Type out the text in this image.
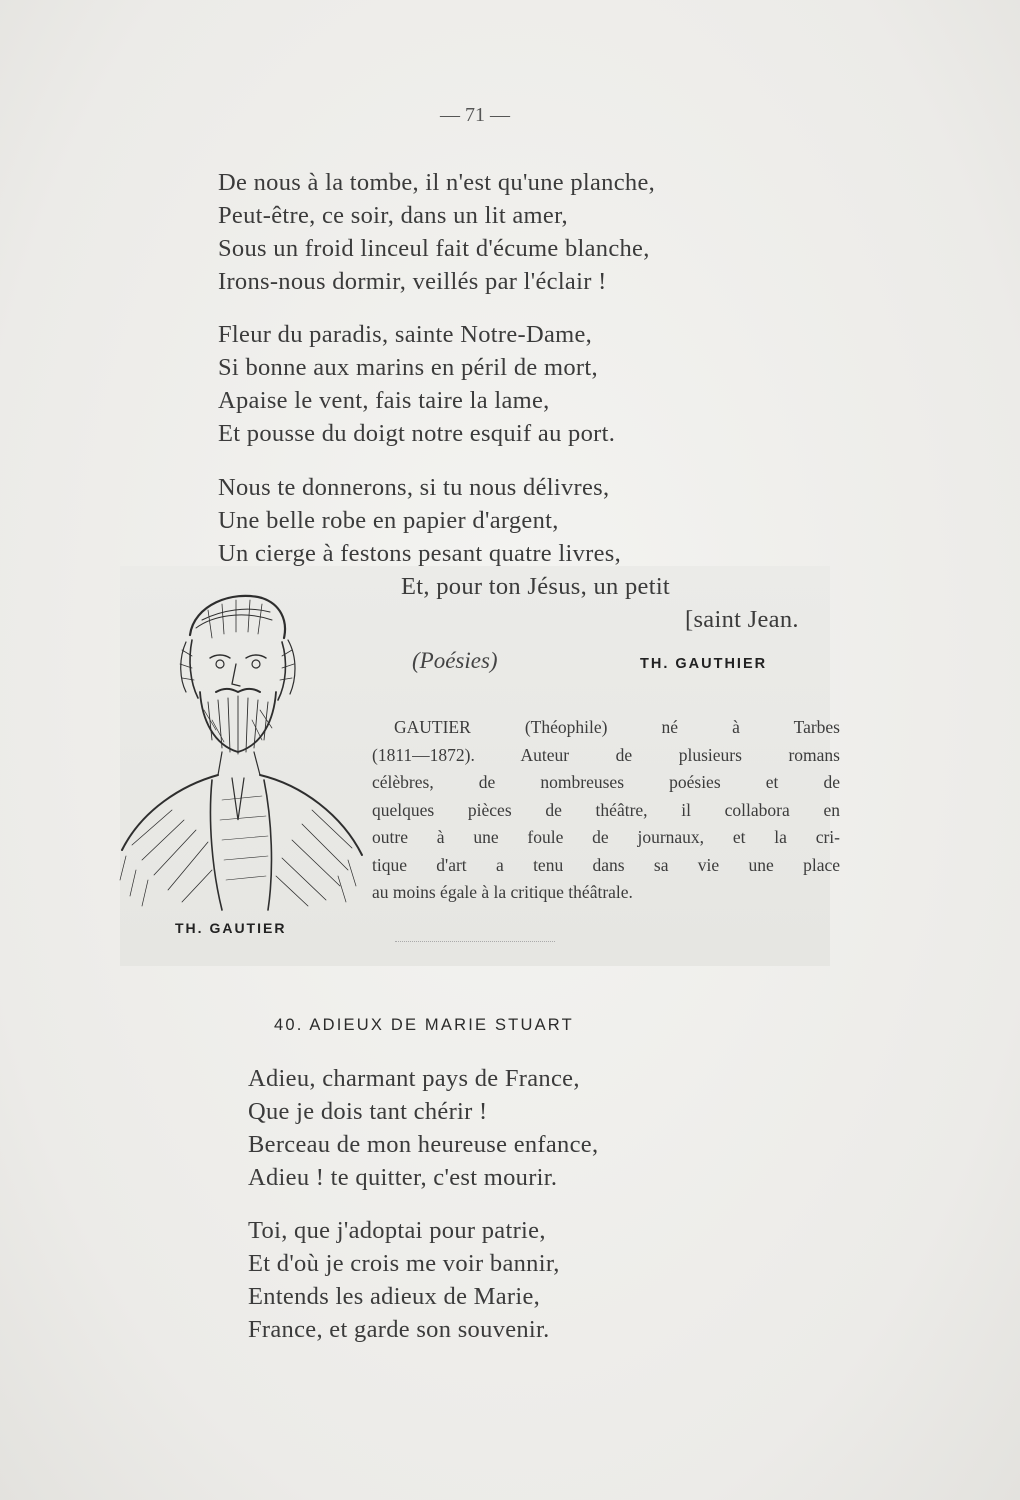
— 71 —
De nous à la tombe, il n'est qu'une planche,
Peut-être, ce soir, dans un lit amer,
Sous un froid linceul fait d'écume blanche,
Irons-nous dormir, veillés par l'éclair !
Fleur du paradis, sainte Notre-Dame,
Si bonne aux marins en péril de mort,
Apaise le vent, fais taire la lame,
Et pousse du doigt notre esquif au port.
Nous te donnerons, si tu nous délivres,
Une belle robe en papier d'argent,
Un cierge à festons pesant quatre livres,
Et, pour ton Jésus, un petit
[saint Jean.
TH. GAUTIER
(Poésies)	TH. GAUTHIER
GAUTIER (Théophile) né à Tarbes
(1811—1872). Auteur de plusieurs romans
célèbres, de nombreuses poésies et de
quelques pièces de théâtre, il collabora en
outre à une foule de journaux, et la cri-
tique d'art a tenu dans sa vie une place
au moins égale à la critique théâtrale.
40. ADIEUX DE MARIE STUART
Adieu, charmant pays de France,
Que je dois tant chérir !
Berceau de mon heureuse enfance,
Adieu ! te quitter, c'est mourir.
Toi, que j'adoptai pour patrie,
Et d'où je crois me voir bannir,
Entends les adieux de Marie,
France, et garde son souvenir.
